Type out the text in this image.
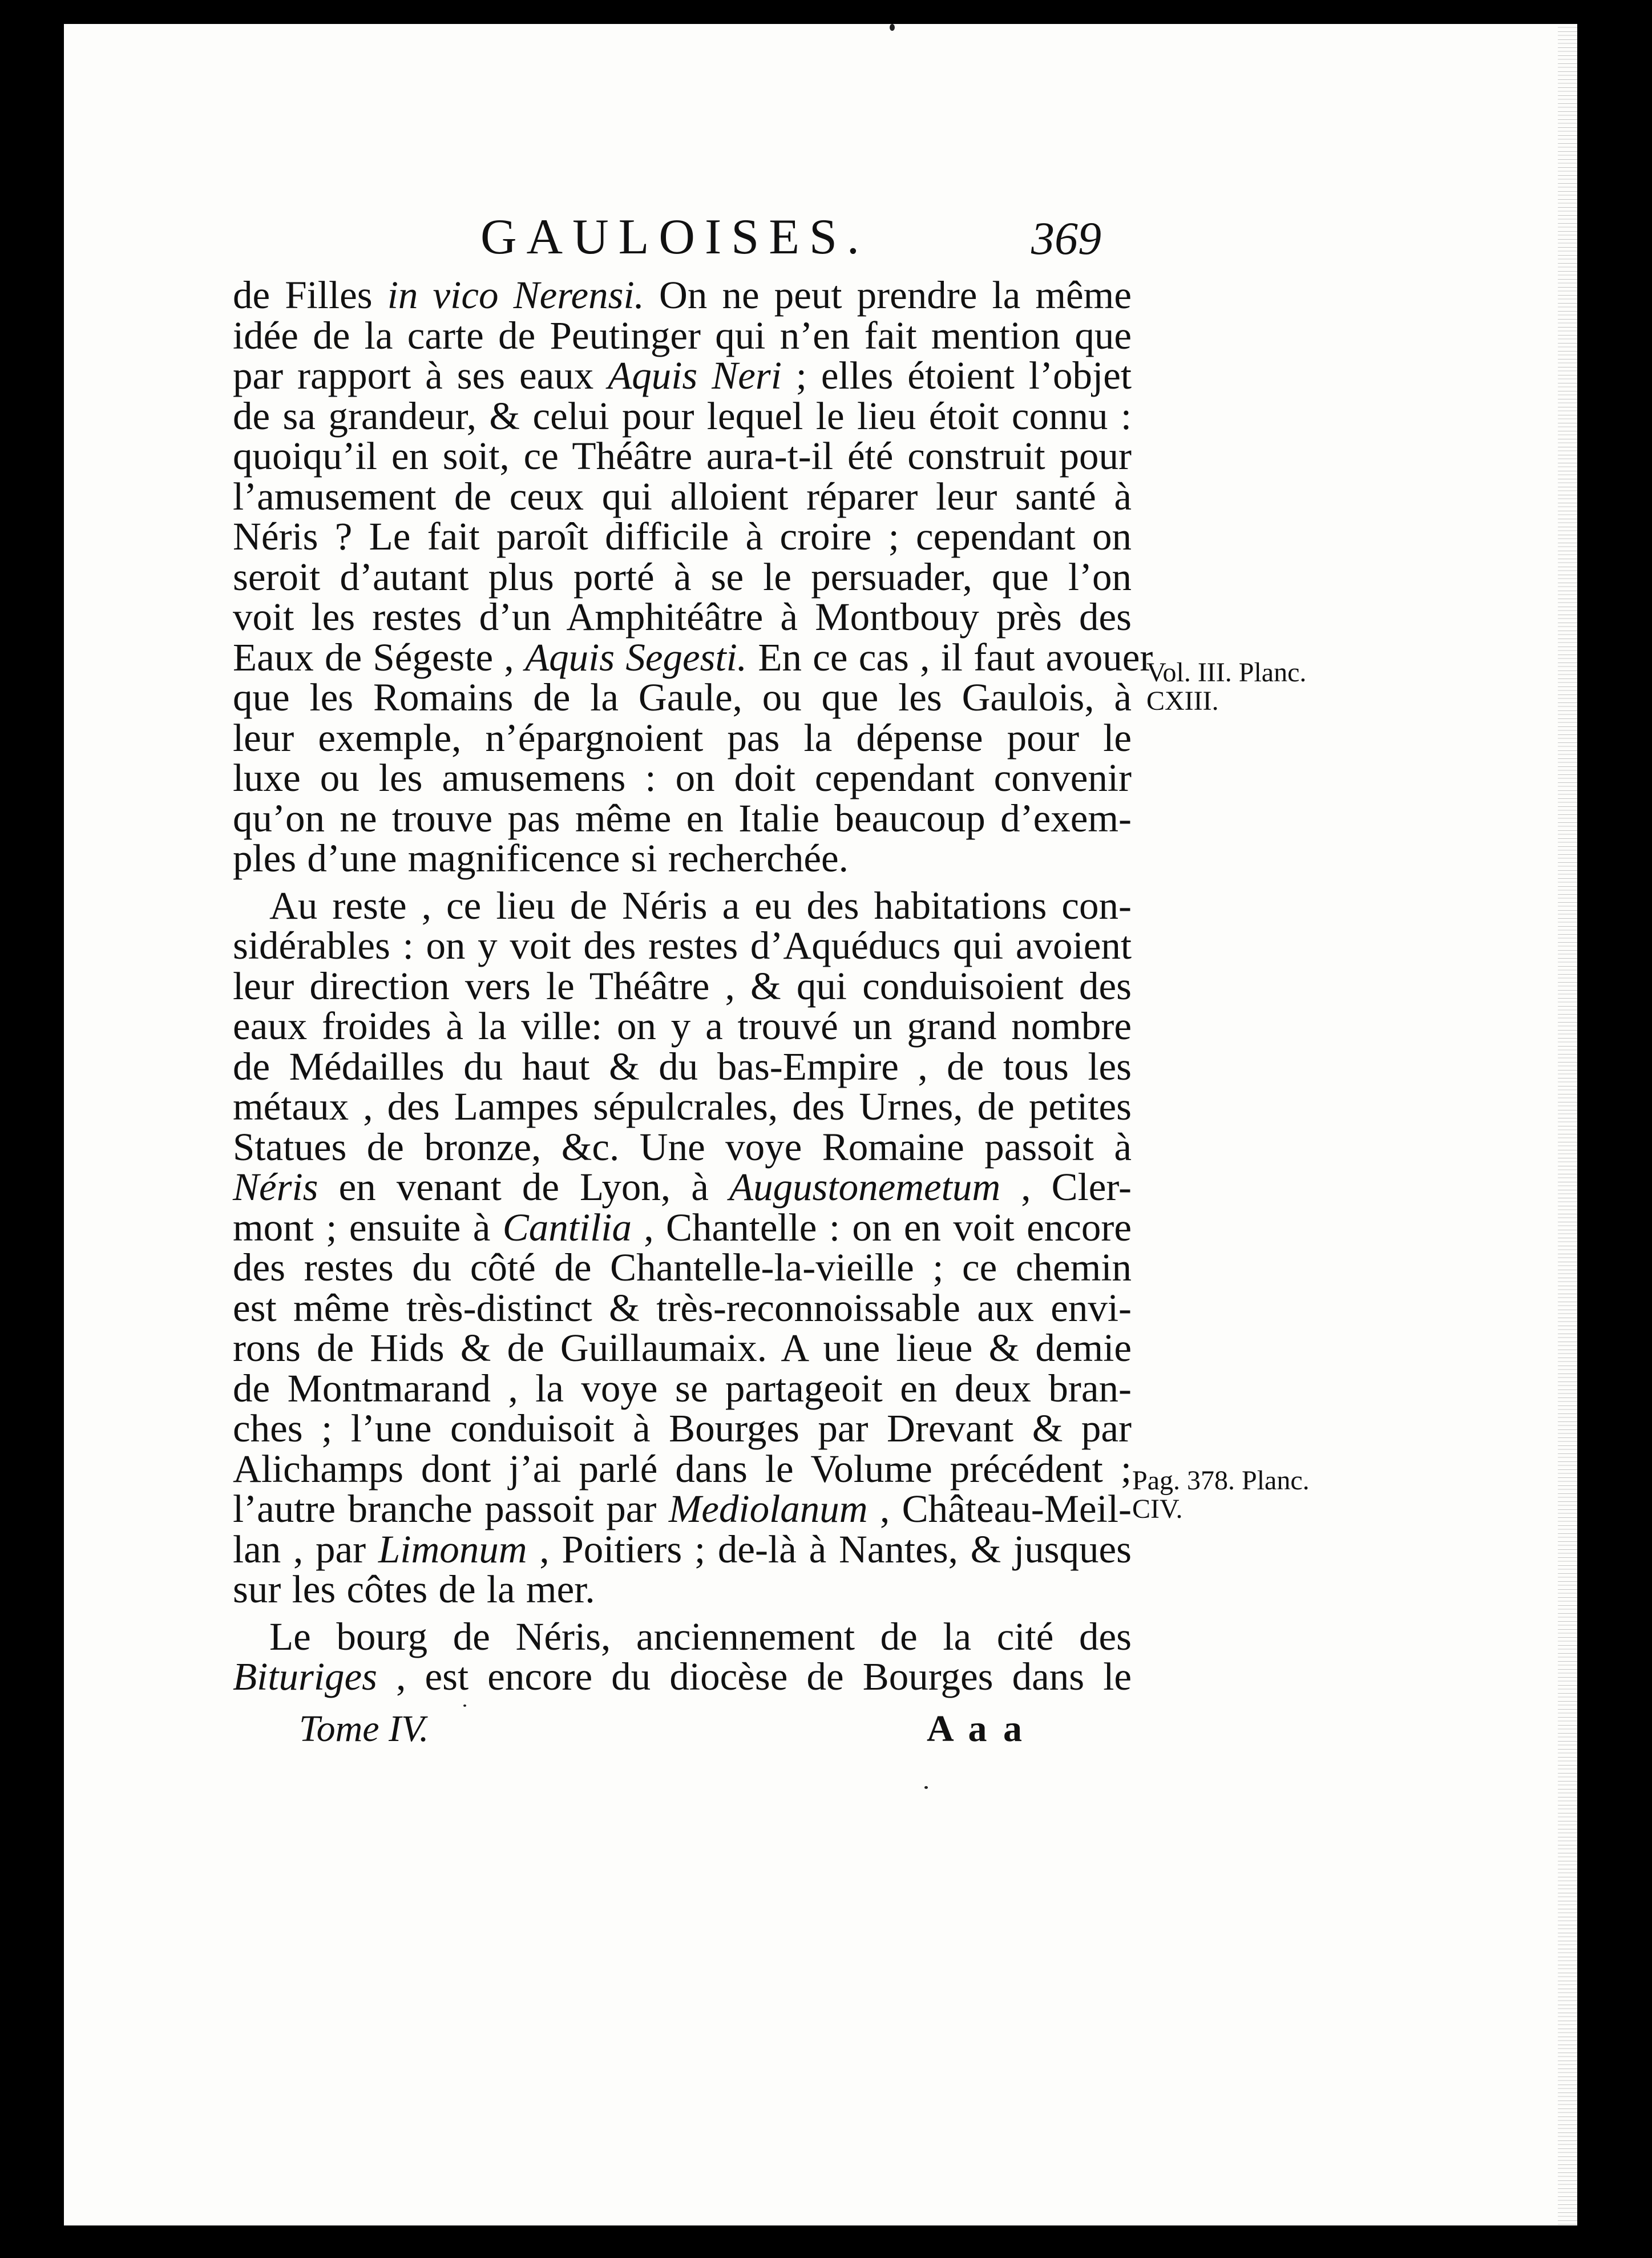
GAULOISES.	369
de Filles in vico Nerensi. On ne peut prendre la même
idée de la carte de Peutinger qui n’en fait mention que
par rapport à ses eaux Aquis Neri ; elles étoient l’objet
de sa grandeur, & celui pour lequel le lieu étoit connu :
quoiqu’il en soit, ce Théâtre aura-t-il été construit pour
l’amusement de ceux qui alloient réparer leur santé à
Néris ? Le fait paroît difficile à croire ; cependant on
seroit d’autant plus porté à se le persuader, que l’on
voit les restes d’un Amphitéâtre à Montbouy près des
Eaux de Ségeste , Aquis Segesti. En ce cas , il faut avouer
que les Romains de la Gaule, ou que les Gaulois, à
leur exemple, n’épargnoient pas la dépense pour le
luxe ou les amusemens : on doit cependant convenir
qu’on ne trouve pas même en Italie beaucoup d’exem-
ples d’une magnificence si recherchée.
Au reste , ce lieu de Néris a eu des habitations con-
sidérables : on y voit des restes d’Aquéducs qui avoient
leur direction vers le Théâtre , & qui conduisoient des
eaux froides à la ville: on y a trouvé un grand nombre
de Médailles du haut & du bas-Empire , de tous les
métaux , des Lampes sépulcrales, des Urnes, de petites
Statues de bronze, &c. Une voye Romaine passoit à
Néris en venant de Lyon, à Augustonemetum , Cler-
mont ; ensuite à Cantilia , Chantelle : on en voit encore
des restes du côté de Chantelle-la-vieille ; ce chemin
est même très-distinct & très-reconnoissable aux envi-
rons de Hids & de Guillaumaix. A une lieue & demie
de Montmarand , la voye se partageoit en deux bran-
ches ; l’une conduisoit à Bourges par Drevant & par
Alichamps dont j’ai parlé dans le Volume précédent ;
l’autre branche passoit par Mediolanum , Château-Meil-
lan , par Limonum , Poitiers ; de-là à Nantes, & jusques
sur les côtes de la mer.
Le bourg de Néris, anciennement de la cité des
Bituriges , est encore du diocèse de Bourges dans le
Vol. III. Planc.
CXIII.
Pag. 378. Planc.
CIV.
Tome IV.	A a a
